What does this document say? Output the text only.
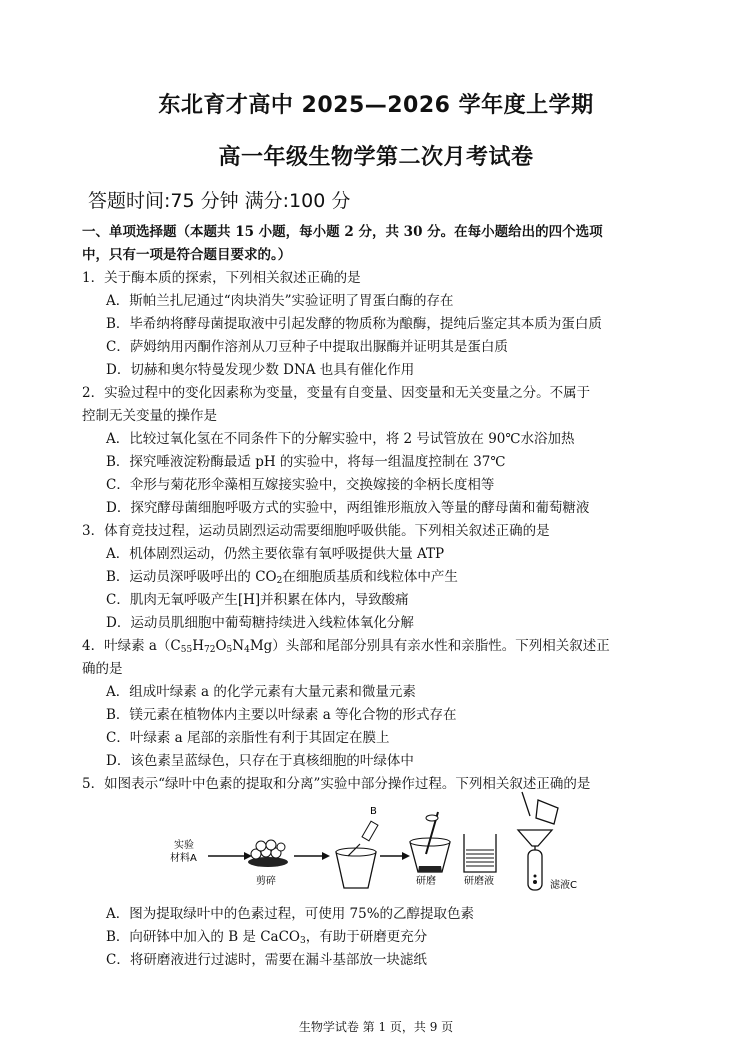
东北育才高中 2025—2026 学年度上学期
高一年级生物学第二次月考试卷
答题时间:75 分钟 满分:100 分
一、单项选择题（本题共 15 小题，每小题 2 分，共 30 分。在每小题给出的四个选项
中，只有一项是符合题目要求的。）
1．关于酶本质的探索，下列相关叙述正确的是
A．斯帕兰扎尼通过“肉块消失”实验证明了胃蛋白酶的存在
B．毕希纳将酵母菌提取液中引起发酵的物质称为酿酶，提纯后鉴定其本质为蛋白质
C．萨姆纳用丙酮作溶剂从刀豆种子中提取出脲酶并证明其是蛋白质
D．切赫和奥尔特曼发现少数 DNA 也具有催化作用
2．实验过程中的变化因素称为变量，变量有自变量、因变量和无关变量之分。不属于
控制无关变量的操作是
A．比较过氧化氢在不同条件下的分解实验中，将 2 号试管放在 90℃水浴加热
B．探究唾液淀粉酶最适 pH 的实验中，将每一组温度控制在 37℃
C．伞形与菊花形伞藻相互嫁接实验中，交换嫁接的伞柄长度相等
D．探究酵母菌细胞呼吸方式的实验中，两组锥形瓶放入等量的酵母菌和葡萄糖液
3．体育竞技过程，运动员剧烈运动需要细胞呼吸供能。下列相关叙述正确的是
A．机体剧烈运动，仍然主要依靠有氧呼吸提供大量 ATP
B．运动员深呼吸呼出的 $CO_2$在细胞质基质和线粒体中产生
C．肌肉无氧呼吸产生[H]并积累在体内，导致酸痛
D．运动员肌细胞中葡萄糖持续进入线粒体氧化分解
4．叶绿素 $a(C_{55}H_{72}O_5N_4Mg)$头部和尾部分别具有亲水性和亲脂性。下列相关叙述正
确的是
A．组成叶绿素 a 的化学元素有大量元素和微量元素
B．镁元素在植物体内主要以叶绿素 a 等化合物的形式存在
C．叶绿素 a 尾部的亲脂性有利于其固定在膜上
D．该色素呈蓝绿色，只存在于真核细胞的叶绿体中
5．如图表示“绿叶中色素的提取和分离”实验中部分操作过程。下列相关叙述正确的是
实验
材料A
剪碎
B
研磨	研磨液	滤液C
A．图为提取绿叶中的色素过程，可使用 75%的乙醇提取色素
B．向研钵中加入的 B 是 CaCO$_3$，有助于研磨更充分
C．将研磨液进行过滤时，需要在漏斗基部放一块滤纸
生物学试卷 第 1 页，共 9 页
